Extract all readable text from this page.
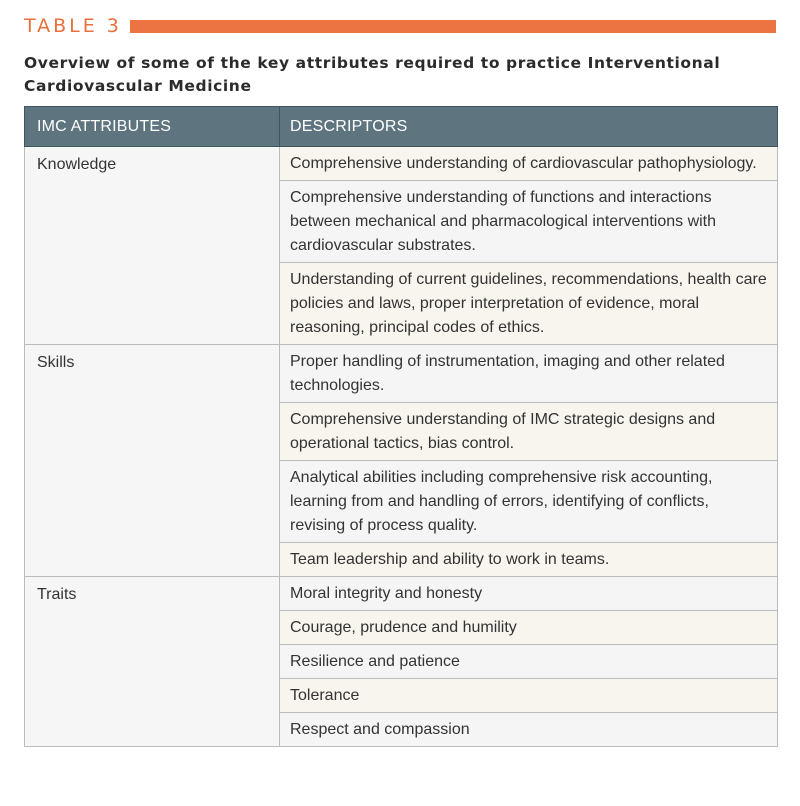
TABLE 3
Overview of some of the key attributes required to practice Interventional Cardiovascular Medicine
IMC ATTRIBUTES	DESCRIPTORS
Knowledge	Comprehensive understanding of cardiovascular pathophysiology.
	Comprehensive understanding of functions and interactions between mechanical and pharmacological interventions with cardiovascular substrates.
	Understanding of current guidelines, recommendations, health care policies and laws, proper interpretation of evidence, moral reasoning, principal codes of ethics.
Skills	Proper handling of instrumentation, imaging and other related technologies.
	Comprehensive understanding of IMC strategic designs and operational tactics, bias control.
	Analytical abilities including comprehensive risk accounting, learning from and handling of errors, identifying of conflicts, revising of process quality.
	Team leadership and ability to work in teams.
Traits	Moral integrity and honesty
	Courage, prudence and humility
	Resilience and patience
	Tolerance
	Respect and compassion
